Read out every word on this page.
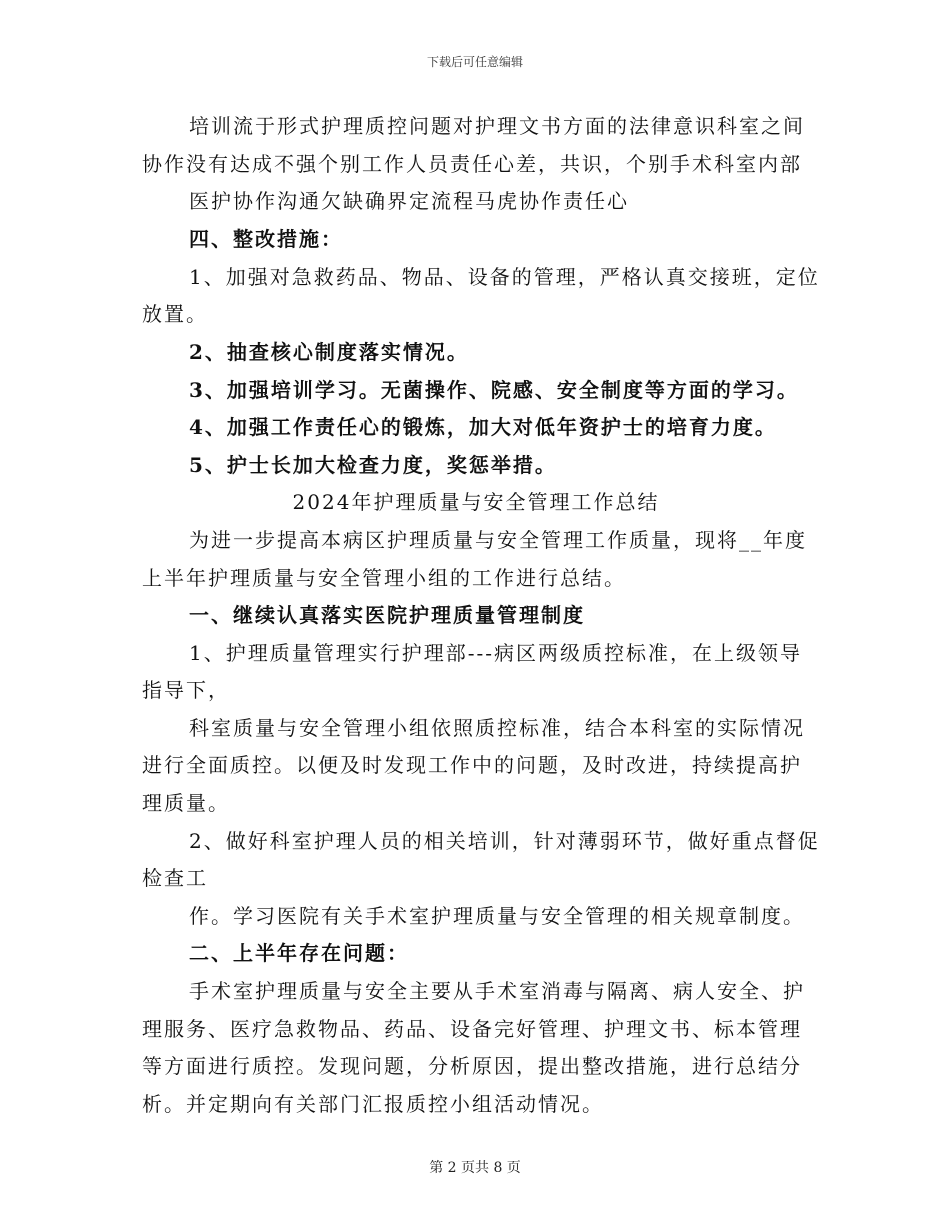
下载后可任意编辑
培训流于形式护理质控问题对护理文书方面的法律意识科室之间
协作没有达成不强个别工作人员责任心差，共识，个别手术科室内部
医护协作沟通欠缺确界定流程马虎协作责任心
四、整改措施：
1、加强对急救药品、物品、设备的管理，严格认真交接班，定位
放置。
2、抽查核心制度落实情况。
3、加强培训学习。无菌操作、院感、安全制度等方面的学习。
4、加强工作责任心的锻炼，加大对低年资护士的培育力度。
5、护士长加大检查力度，奖惩举措。
2024年护理质量与安全管理工作总结
为进一步提高本病区护理质量与安全管理工作质量，现将__年度
上半年护理质量与安全管理小组的工作进行总结。
一、继续认真落实医院护理质量管理制度
1、护理质量管理实行护理部---病区两级质控标准，在上级领导
指导下，
科室质量与安全管理小组依照质控标准，结合本科室的实际情况
进行全面质控。以便及时发现工作中的问题，及时改进，持续提高护
理质量。
2、做好科室护理人员的相关培训，针对薄弱环节，做好重点督促
检查工
作。学习医院有关手术室护理质量与安全管理的相关规章制度。
二、上半年存在问题：
手术室护理质量与安全主要从手术室消毒与隔离、病人安全、护
理服务、医疗急救物品、药品、设备完好管理、护理文书、标本管理
等方面进行质控。发现问题，分析原因，提出整改措施，进行总结分
析。并定期向有关部门汇报质控小组活动情况。
第 2 页共 8 页
